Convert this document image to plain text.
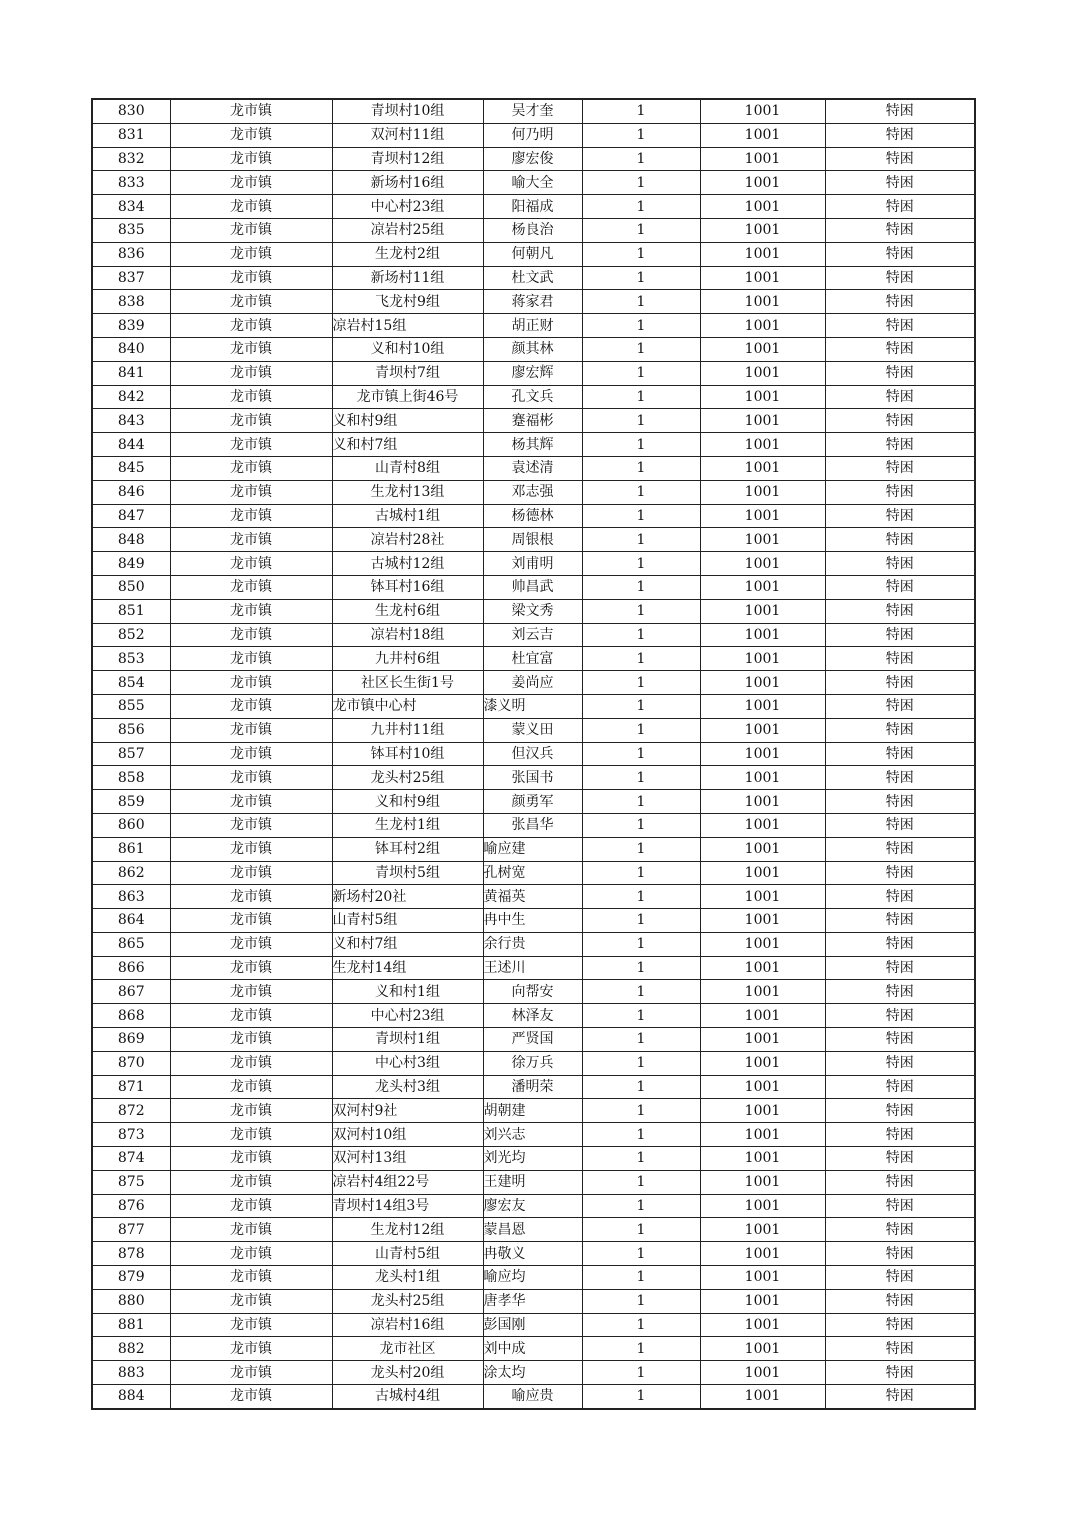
830	龙市镇	青坝村10组	吴才奎	1	1001	特困
831	龙市镇	双河村11组	何乃明	1	1001	特困
832	龙市镇	青坝村12组	廖宏俊	1	1001	特困
833	龙市镇	新场村16组	喻大全	1	1001	特困
834	龙市镇	中心村23组	阳福成	1	1001	特困
835	龙市镇	凉岩村25组	杨良治	1	1001	特困
836	龙市镇	生龙村2组	何朝凡	1	1001	特困
837	龙市镇	新场村11组	杜文武	1	1001	特困
838	龙市镇	飞龙村9组	蒋家君	1	1001	特困
839	龙市镇	凉岩村15组	胡正财	1	1001	特困
840	龙市镇	义和村10组	颜其林	1	1001	特困
841	龙市镇	青坝村7组	廖宏辉	1	1001	特困
842	龙市镇	龙市镇上街46号	孔文兵	1	1001	特困
843	龙市镇	义和村9组	蹇福彬	1	1001	特困
844	龙市镇	义和村7组	杨其辉	1	1001	特困
845	龙市镇	山青村8组	袁述清	1	1001	特困
846	龙市镇	生龙村13组	邓志强	1	1001	特困
847	龙市镇	古城村1组	杨德林	1	1001	特困
848	龙市镇	凉岩村28社	周银根	1	1001	特困
849	龙市镇	古城村12组	刘甫明	1	1001	特困
850	龙市镇	钵耳村16组	帅昌武	1	1001	特困
851	龙市镇	生龙村6组	梁文秀	1	1001	特困
852	龙市镇	凉岩村18组	刘云吉	1	1001	特困
853	龙市镇	九井村6组	杜宜富	1	1001	特困
854	龙市镇	社区长生街1号	姜尚应	1	1001	特困
855	龙市镇	龙市镇中心村	漆义明	1	1001	特困
856	龙市镇	九井村11组	蒙义田	1	1001	特困
857	龙市镇	钵耳村10组	但汉兵	1	1001	特困
858	龙市镇	龙头村25组	张国书	1	1001	特困
859	龙市镇	义和村9组	颜勇军	1	1001	特困
860	龙市镇	生龙村1组	张昌华	1	1001	特困
861	龙市镇	钵耳村2组	喻应建	1	1001	特困
862	龙市镇	青坝村5组	孔树宽	1	1001	特困
863	龙市镇	新场村20社	黄福英	1	1001	特困
864	龙市镇	山青村5组	冉中生	1	1001	特困
865	龙市镇	义和村7组	余行贵	1	1001	特困
866	龙市镇	生龙村14组	王述川	1	1001	特困
867	龙市镇	义和村1组	向帮安	1	1001	特困
868	龙市镇	中心村23组	林泽友	1	1001	特困
869	龙市镇	青坝村1组	严贤国	1	1001	特困
870	龙市镇	中心村3组	徐万兵	1	1001	特困
871	龙市镇	龙头村3组	潘明荣	1	1001	特困
872	龙市镇	双河村9社	胡朝建	1	1001	特困
873	龙市镇	双河村10组	刘兴志	1	1001	特困
874	龙市镇	双河村13组	刘光均	1	1001	特困
875	龙市镇	凉岩村4组22号	王建明	1	1001	特困
876	龙市镇	青坝村14组3号	廖宏友	1	1001	特困
877	龙市镇	生龙村12组	蒙昌恩	1	1001	特困
878	龙市镇	山青村5组	冉敬义	1	1001	特困
879	龙市镇	龙头村1组	喻应均	1	1001	特困
880	龙市镇	龙头村25组	唐孝华	1	1001	特困
881	龙市镇	凉岩村16组	彭国刚	1	1001	特困
882	龙市镇	龙市社区	刘中成	1	1001	特困
883	龙市镇	龙头村20组	涂太均	1	1001	特困
884	龙市镇	古城村4组	喻应贵	1	1001	特困
